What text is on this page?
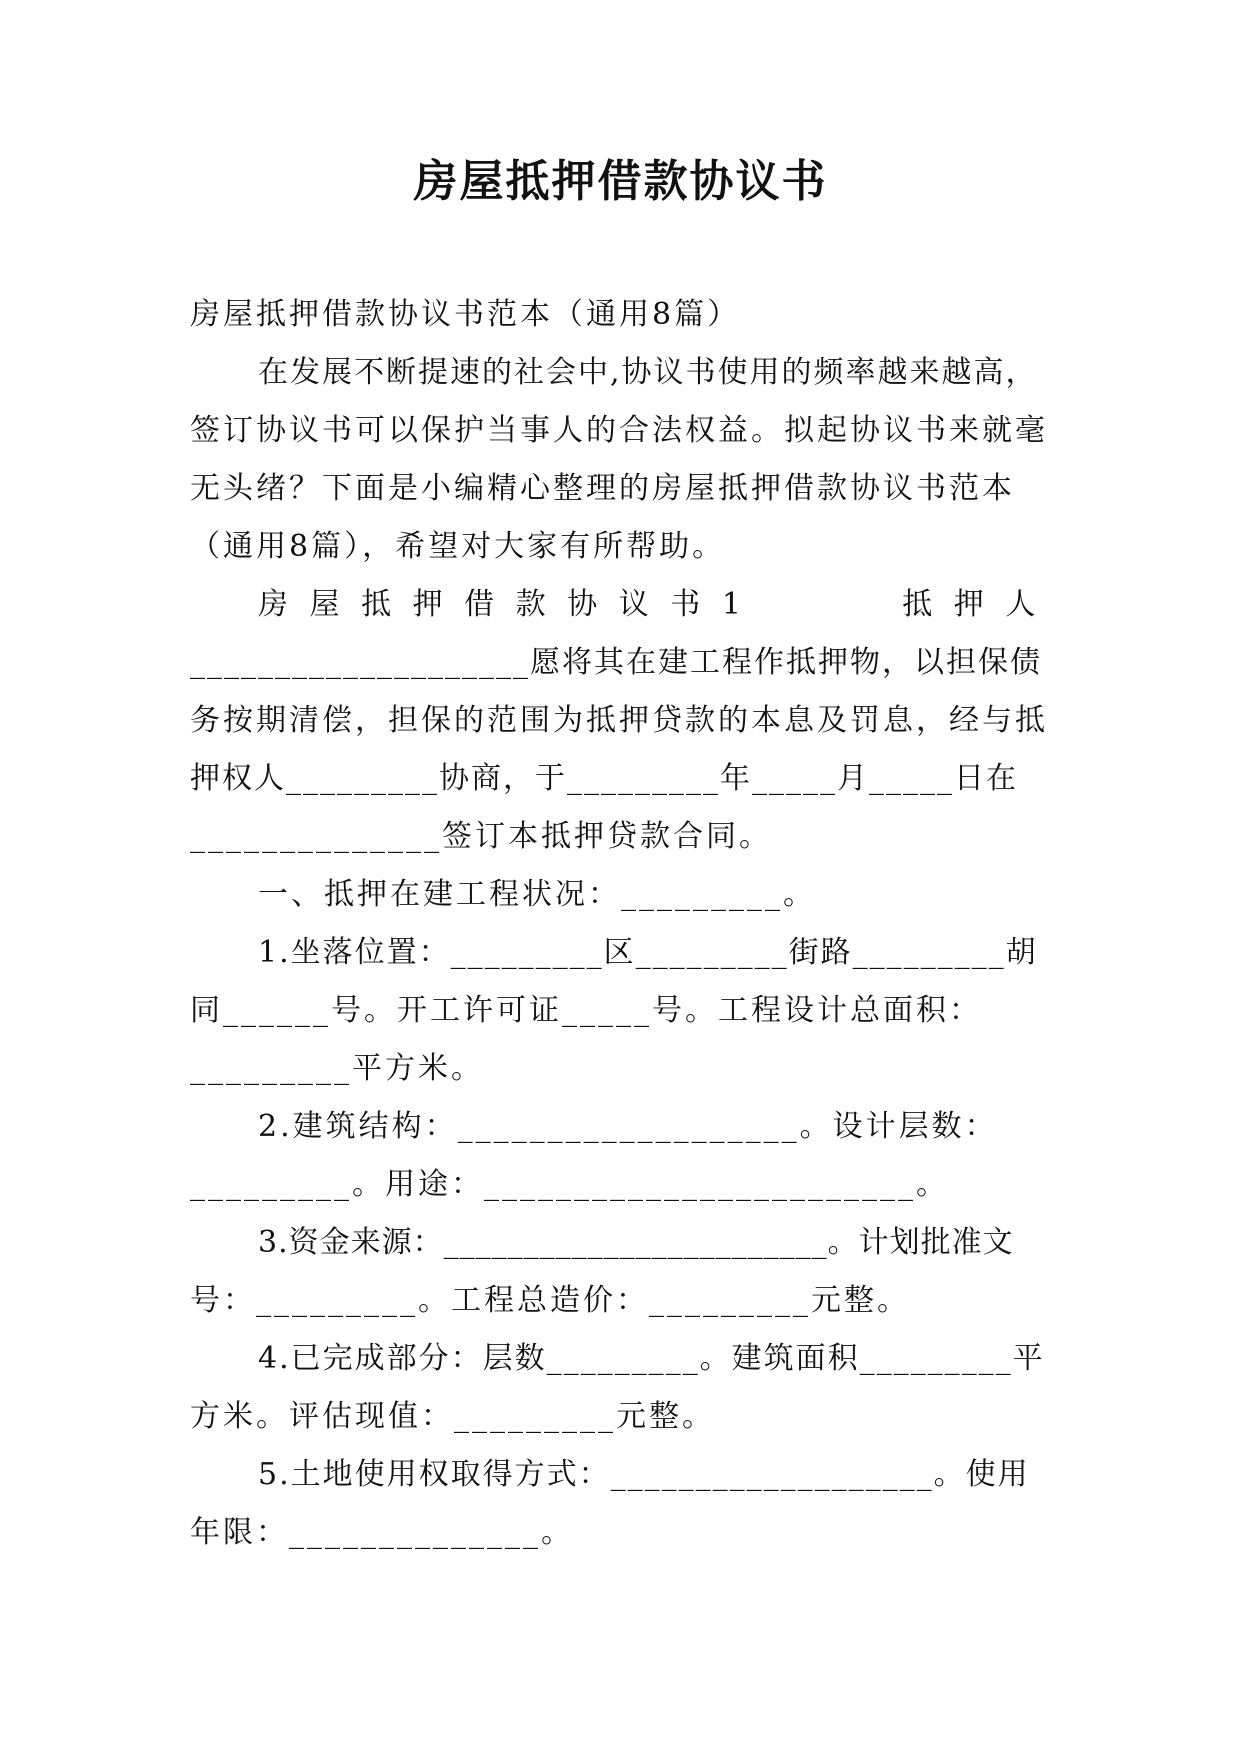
房屋抵押借款协议书
房屋抵押借款协议书范本（通用8篇）
在发展不断提速的社会中,协议书使用的频率越来越高，
签订协议书可以保护当事人的合法权益。拟起协议书来就毫
无头绪？下面是小编精心整理的房屋抵押借款协议书范本
（通用8篇），希望对大家有所帮助。
房 屋 抵 押 借 款 协 议 书 1          抵 押 人
____________________愿将其在建工程作抵押物，以担保债
务按期清偿，担保的范围为抵押贷款的本息及罚息，经与抵
押权人_________协商，于_________年_____月_____日在
______________签订本抵押贷款合同。
一、抵押在建工程状况：_________。
1.坐落位置：_________区_________街路_________胡
同______号。开工许可证_____号。工程设计总面积：
_________平方米。
2.建筑结构：___________________。设计层数：
_________。用途：________________________。
3.资金来源：________________________。计划批准文
号：_________。工程总造价：_________元整。
4.已完成部分：层数_________。建筑面积_________平
方米。评估现值：_________元整。
5.土地使用权取得方式：___________________。使用
年限：______________。
